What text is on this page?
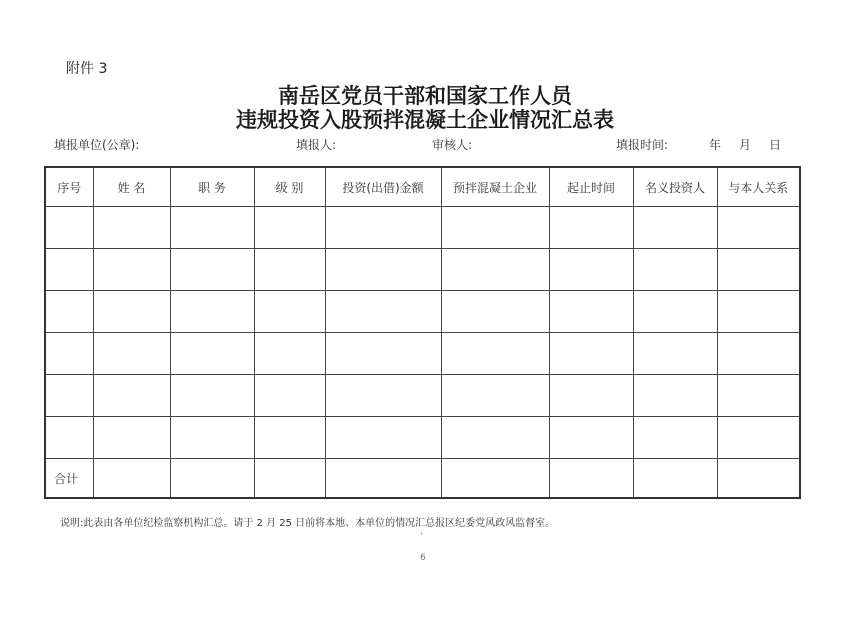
附件 3
南岳区党员干部和国家工作人员
违规投资入股预拌混凝土企业情况汇总表
填报单位(公章):	填报人:	审核人:	填报时间:	年 月 日
序号	姓 名	职 务	级 别	投资(出借)金额	预拌混凝土企业	起止时间	名义投资人	与本人关系

合计								
说明:此表由各单位纪检监察机构汇总。请于 2 月 25 日前将本地、本单位的情况汇总报区纪委党风政风监督室。
'
6
